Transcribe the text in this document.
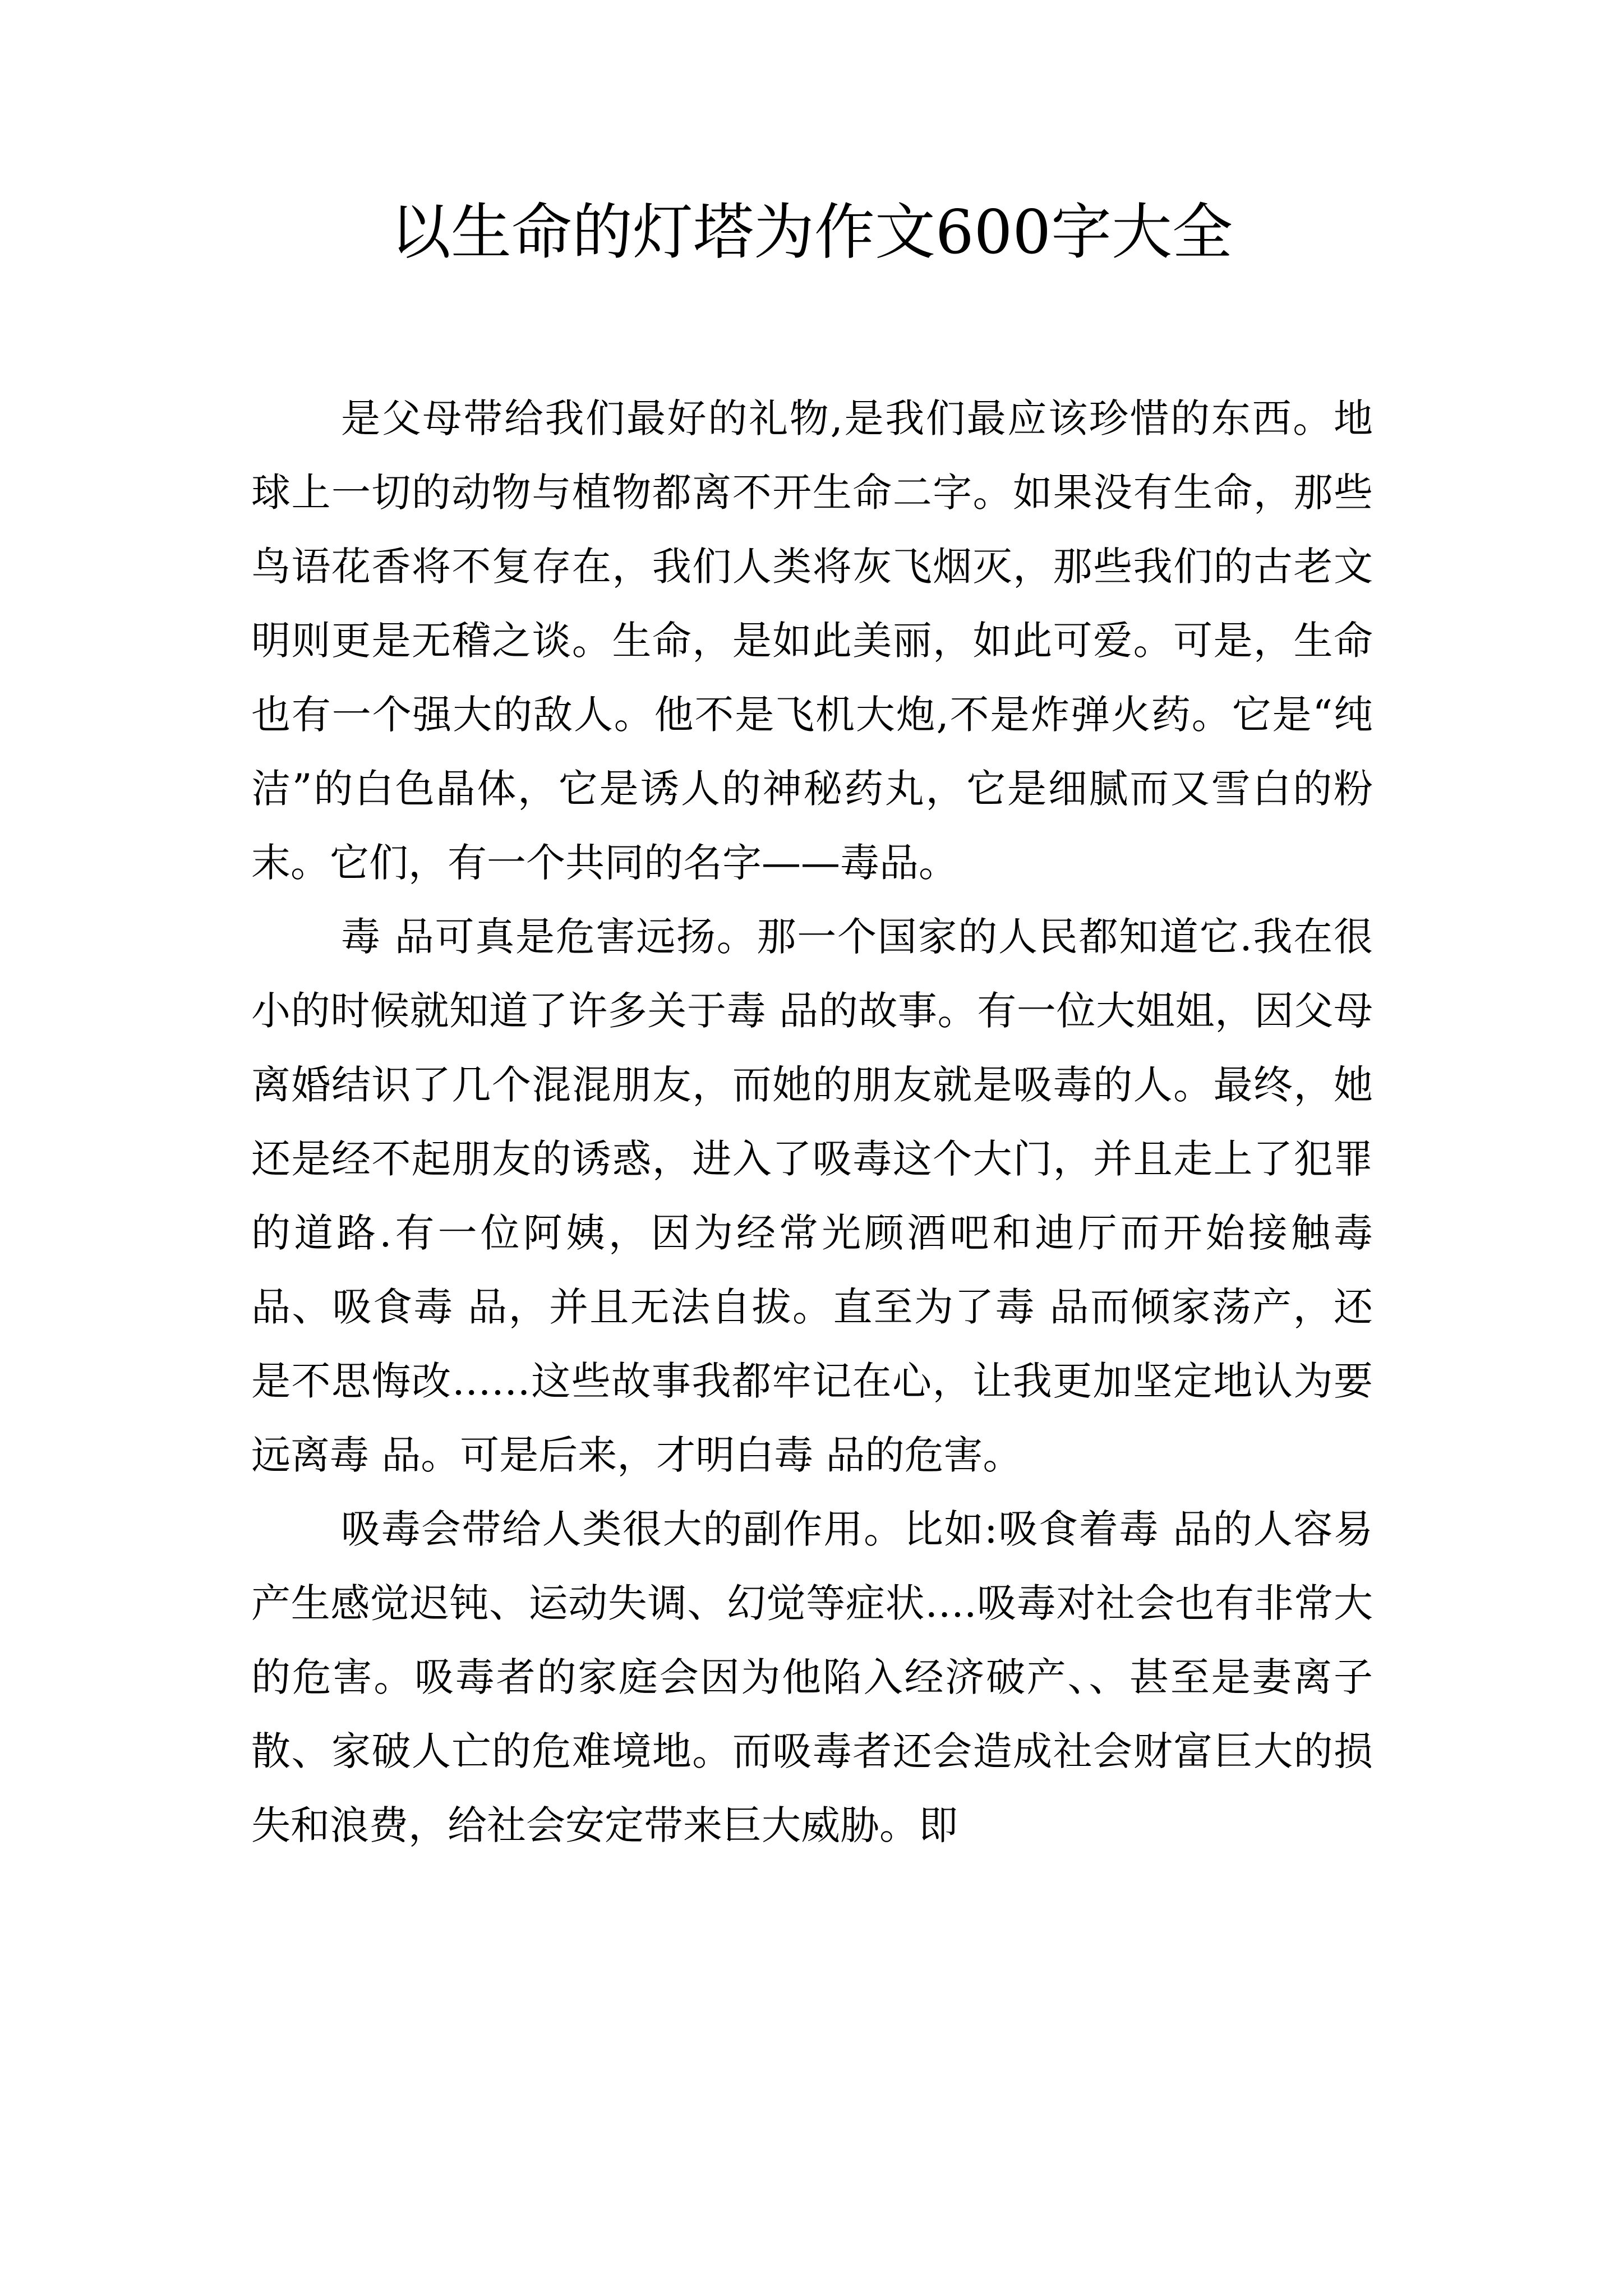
以生命的灯塔为作文600字大全

是父母带给我们最好的礼物,是我们最应该珍惜的东西。地球上一切的动物与植物都离不开生命二字。如果没有生命，那些鸟语花香将不复存在，我们人类将灰飞烟灭，那些我们的古老文明则更是无稽之谈。生命，是如此美丽，如此可爱。可是，生命也有一个强大的敌人。他不是飞机大炮,不是炸弹火药。它是“纯洁”的白色晶体，它是诱人的神秘药丸，它是细腻而又雪白的粉末。它们，有一个共同的名字——毒品。

毒 品可真是危害远扬。那一个国家的人民都知道它.我在很小的时候就知道了许多关于毒 品的故事。有一位大姐姐，因父母离婚结识了几个混混朋友，而她的朋友就是吸毒的人。最终，她还是经不起朋友的诱惑，进入了吸毒这个大门，并且走上了犯罪的道路.有一位阿姨，因为经常光顾酒吧和迪厅而开始接触毒 品、吸食毒 品，并且无法自拔。直至为了毒 品而倾家荡产，还是不思悔改……这些故事我都牢记在心，让我更加坚定地认为要远离毒 品。可是后来，才明白毒 品的危害。

吸毒会带给人类很大的副作用。比如:吸食着毒 品的人容易产生感觉迟钝、运动失调、幻觉等症状….吸毒对社会也有非常大的危害。吸毒者的家庭会因为他陷入经济破产、、甚至是妻离子散、家破人亡的危难境地。而吸毒者还会造成社会财富巨大的损失和浪费，给社会安定带来巨大威胁。即
